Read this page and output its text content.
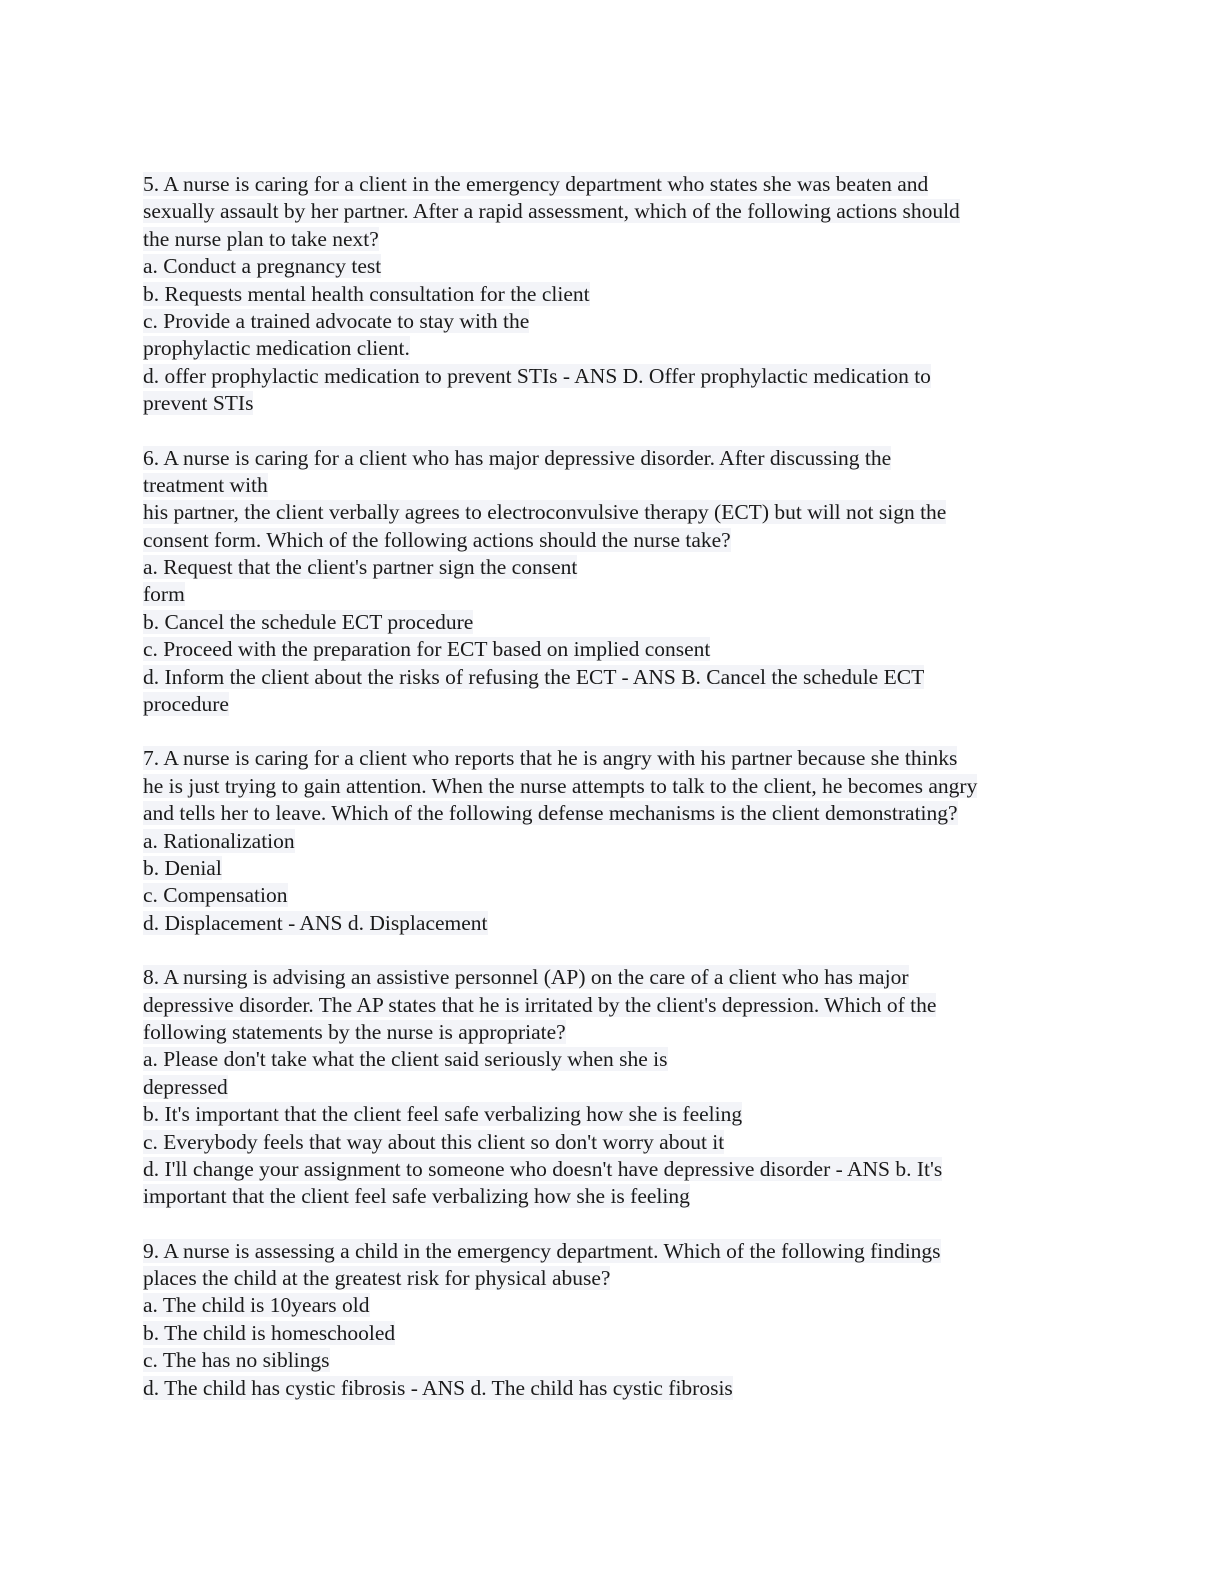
5. A nurse is caring for a client in the emergency department who states she was beaten and
sexually assault by her partner. After a rapid assessment, which of the following actions should
the nurse plan to take next?
a. Conduct a pregnancy test
b. Requests mental health consultation for the client
c. Provide a trained advocate to stay with the
prophylactic medication client.
d. offer prophylactic medication to prevent STIs - ANS D. Offer prophylactic medication to
prevent STIs
6. A nurse is caring for a client who has major depressive disorder. After discussing the
treatment with
his partner, the client verbally agrees to electroconvulsive therapy (ECT) but will not sign the
consent form. Which of the following actions should the nurse take?
a. Request that the client's partner sign the consent
form
b. Cancel the schedule ECT procedure
c. Proceed with the preparation for ECT based on implied consent
d. Inform the client about the risks of refusing the ECT - ANS B. Cancel the schedule ECT
procedure
7. A nurse is caring for a client who reports that he is angry with his partner because she thinks
he is just trying to gain attention. When the nurse attempts to talk to the client, he becomes angry
and tells her to leave. Which of the following defense mechanisms is the client demonstrating?
a. Rationalization
b. Denial
c. Compensation
d. Displacement - ANS d. Displacement
8. A nursing is advising an assistive personnel (AP) on the care of a client who has major
depressive disorder. The AP states that he is irritated by the client's depression. Which of the
following statements by the nurse is appropriate?
a. Please don't take what the client said seriously when she is
depressed
b. It's important that the client feel safe verbalizing how she is feeling
c. Everybody feels that way about this client so don't worry about it
d. I'll change your assignment to someone who doesn't have depressive disorder - ANS b. It's
important that the client feel safe verbalizing how she is feeling
9. A nurse is assessing a child in the emergency department. Which of the following findings
places the child at the greatest risk for physical abuse?
a. The child is 10years old
b. The child is homeschooled
c. The has no siblings
d. The child has cystic fibrosis - ANS d. The child has cystic fibrosis
